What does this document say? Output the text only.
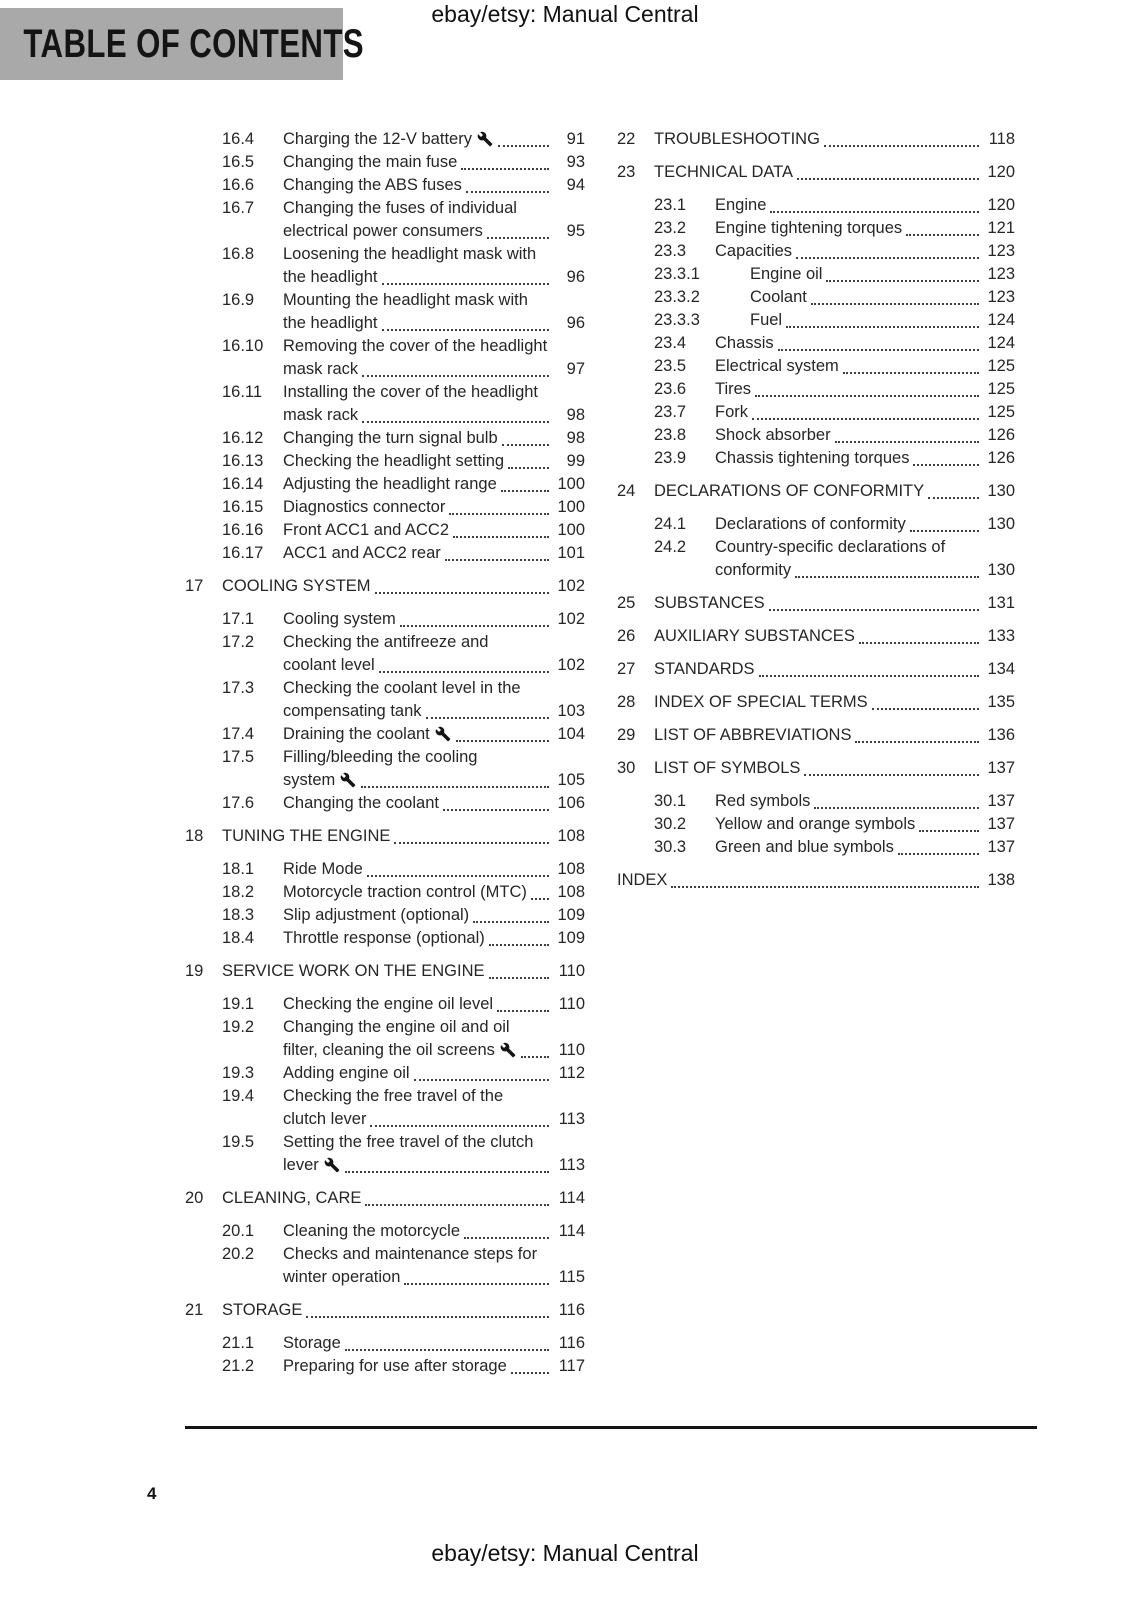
ebay/etsy: Manual Central
TABLE OF CONTENTS
16.4	Charging the 12-V battery	91
16.5	Changing the main fuse	93
16.6	Changing the ABS fuses	94
16.7	Changing the fuses of individual
electrical power consumers	95
16.8	Loosening the headlight mask with
the headlight	96
16.9	Mounting the headlight mask with
the headlight	96
16.10	Removing the cover of the headlight
mask rack	97
16.11	Installing the cover of the headlight
mask rack	98
16.12	Changing the turn signal bulb	98
16.13	Checking the headlight setting	99
16.14	Adjusting the headlight range	100
16.15	Diagnostics connector	100
16.16	Front ACC1 and ACC2	100
16.17	ACC1 and ACC2 rear	101
17	COOLING SYSTEM	102
17.1	Cooling system	102
17.2	Checking the antifreeze and
coolant level	102
17.3	Checking the coolant level in the
compensating tank	103
17.4	Draining the coolant	104
17.5	Filling/bleeding the cooling
system	105
17.6	Changing the coolant	106
18	TUNING THE ENGINE	108
18.1	Ride Mode	108
18.2	Motorcycle traction control (MTC) 108
18.3	Slip adjustment (optional)	109
18.4	Throttle response (optional)	109
19	SERVICE WORK ON THE ENGINE	110
19.1	Checking the engine oil level	110
19.2	Changing the engine oil and oil
filter, cleaning the oil screens	110
19.3	Adding engine oil	112
19.4	Checking the free travel of the
clutch lever	113
19.5	Setting the free travel of the clutch
lever	113
20	CLEANING, CARE	114
20.1	Cleaning the motorcycle	114
20.2	Checks and maintenance steps for
winter operation	115
21	STORAGE	116
21.1	Storage	116
21.2	Preparing for use after storage	117
22	TROUBLESHOOTING	118
23	TECHNICAL DATA	120
23.1	Engine	120
23.2	Engine tightening torques	121
23.3	Capacities	123
23.3.1	Engine oil	123
23.3.2	Coolant	123
23.3.3	Fuel	124
23.4	Chassis	124
23.5	Electrical system	125
23.6	Tires	125
23.7	Fork	125
23.8	Shock absorber	126
23.9	Chassis tightening torques	126
24	DECLARATIONS OF CONFORMITY	130
24.1	Declarations of conformity	130
24.2	Country-specific declarations of
conformity	130
25	SUBSTANCES	131
26	AUXILIARY SUBSTANCES	133
27	STANDARDS	134
28	INDEX OF SPECIAL TERMS	135
29	LIST OF ABBREVIATIONS	136
30	LIST OF SYMBOLS	137
30.1	Red symbols	137
30.2	Yellow and orange symbols	137
30.3	Green and blue symbols	137
INDEX	138
4
ebay/etsy: Manual Central
